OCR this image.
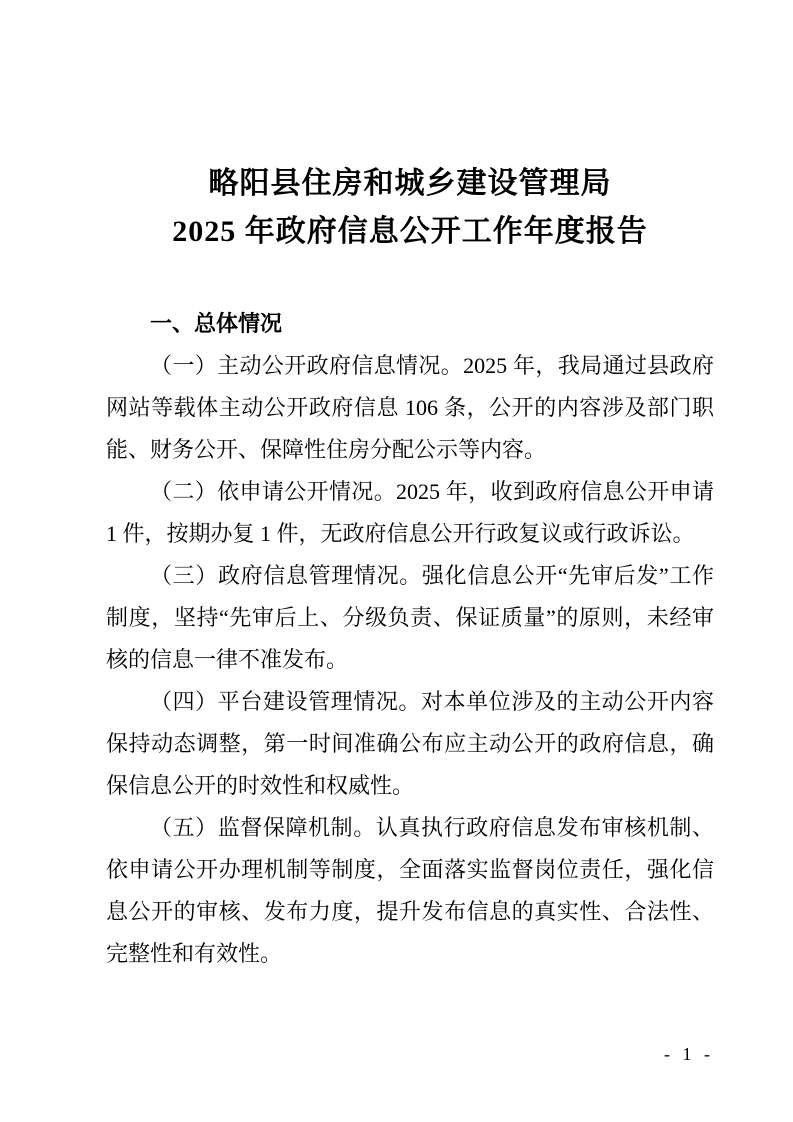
略阳县住房和城乡建设管理局
2025 年政府信息公开工作年度报告
一、总体情况

（一）主动公开政府信息情况。2025 年，我局通过县政府网站等载体主动公开政府信息 106 条，公开的内容涉及部门职能、财务公开、保障性住房分配公示等内容。

（二）依申请公开情况。2025 年，收到政府信息公开申请 1 件，按期办复 1 件，无政府信息公开行政复议或行政诉讼。

（三）政府信息管理情况。强化信息公开“先审后发”工作制度，坚持“先审后上、分级负责、保证质量”的原则，未经审核的信息一律不准发布。

（四）平台建设管理情况。对本单位涉及的主动公开内容保持动态调整，第一时间准确公布应主动公开的政府信息，确保信息公开的时效性和权威性。

（五）监督保障机制。认真执行政府信息发布审核机制、依申请公开办理机制等制度，全面落实监督岗位责任，强化信息公开的审核、发布力度，提升发布信息的真实性、合法性、完整性和有效性。

- 1 -
